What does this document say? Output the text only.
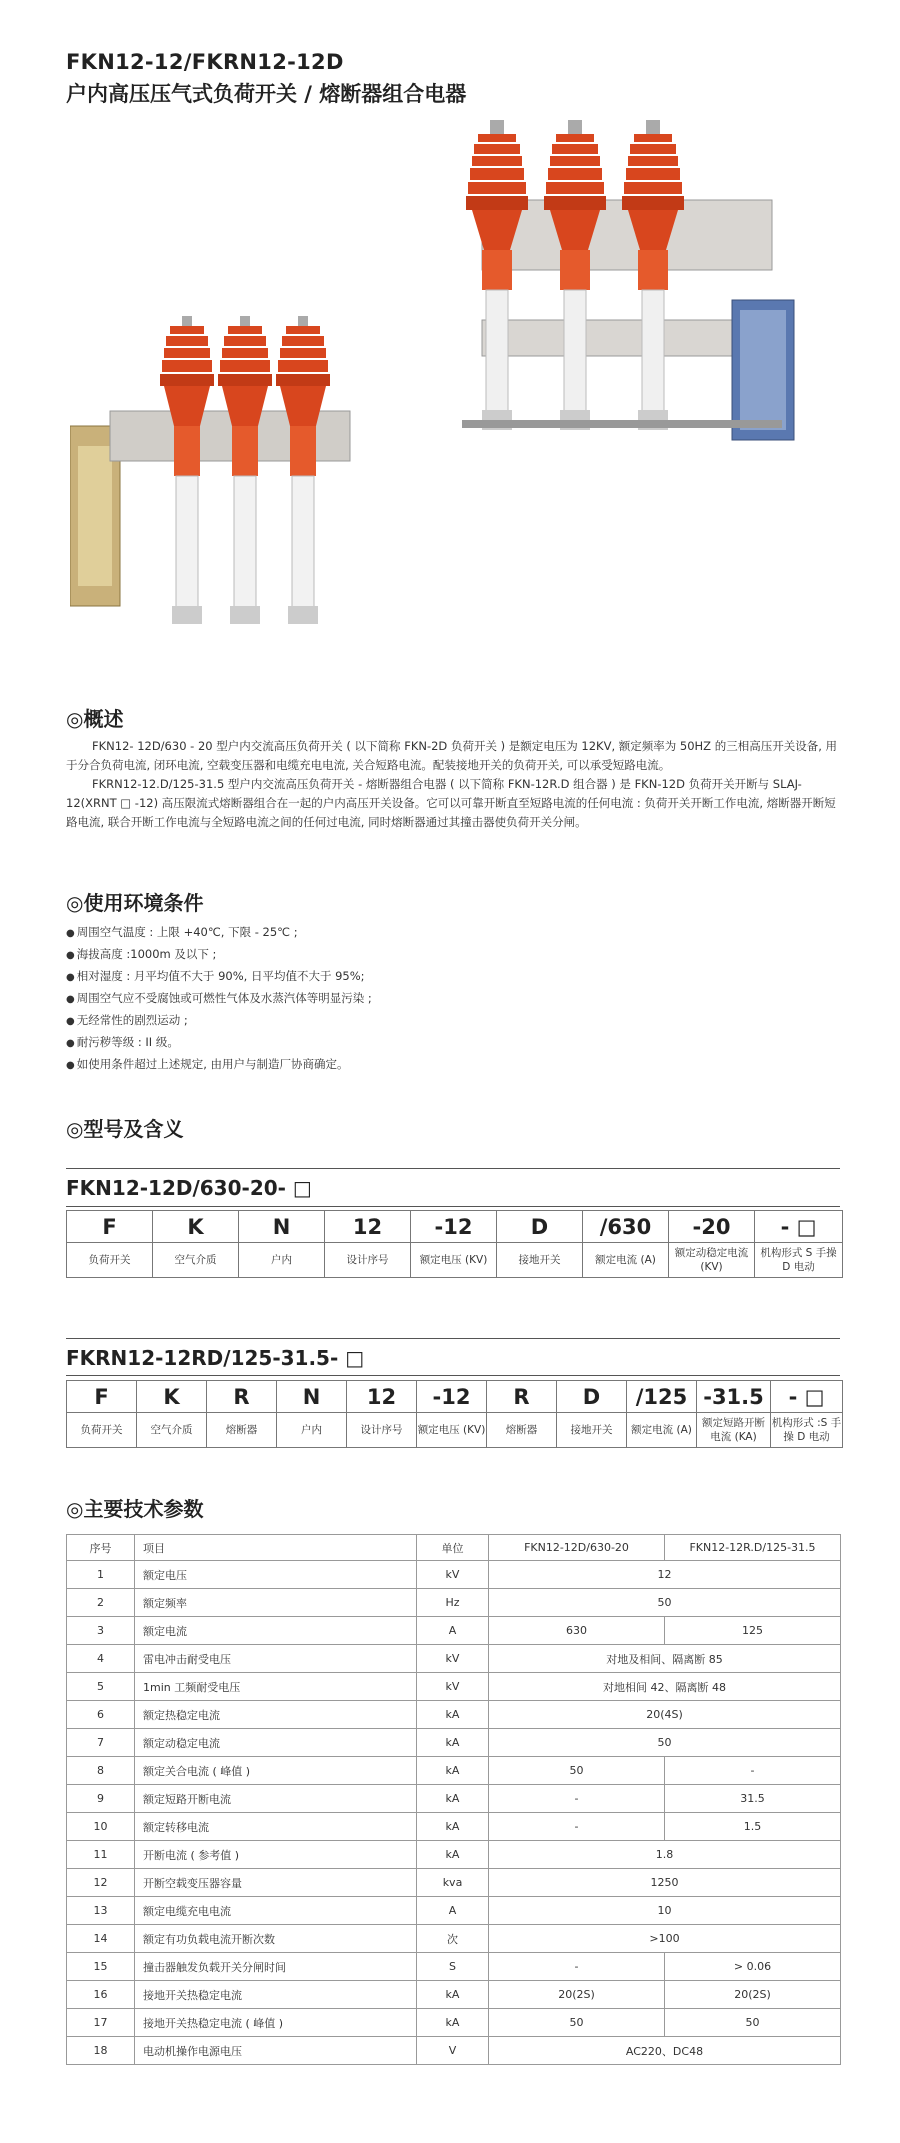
FKN12-12/FKRN12-12D
户内高压压气式负荷开关 / 熔断器组合电器
◎概述

FKN12- 12D/630 - 20 型户内交流高压负荷开关 ( 以下简称 FKN-2D 负荷开关 ) 是额定电压为 12KV, 额定频率为 50HZ 的三相高压开关设备, 用于分合负荷电流, 闭环电流, 空载变压器和电缆充电电流, 关合短路电流。配装接地开关的负荷开关, 可以承受短路电流。

FKRN12-12.D/125-31.5 型户内交流高压负荷开关 - 熔断器组合电器 ( 以下简称 FKN-12R.D 组合器 ) 是 FKN-12D 负荷开关开断与 SLAJ-12(XRNT □ -12) 高压限流式熔断器组合在一起的户内高压开关设备。它可以可靠开断直至短路电流的任何电流 : 负荷开关开断工作电流, 熔断器开断短路电流, 联合开断工作电流与全短路电流之间的任何过电流, 同时熔断器通过其撞击器使负荷开关分闸。

◎使用环境条件
● 周围空气温度 : 上限 +40℃, 下限 - 25℃ ;
● 海拔高度 :1000m 及以下 ;
● 相对湿度 : 月平均值不大于 90%, 日平均值不大于 95%;
● 周围空气应不受腐蚀或可燃性气体及水蒸汽体等明显污染 ;
● 无经常性的剧烈运动 ;
● 耐污秽等级 : II 级。
● 如使用条件超过上述规定, 由用户与制造厂协商确定。
◎型号及含义
FKN12-12D/630-20- □
F	K	N	12	-12	D	/630	-20	- □
负荷开关	空气介质	户内	设计序号	额定电压 (KV)	接地开关	额定电流 (A)	额定动稳定电流 (KV)	机构形式 S 手操 D 电动
FKRN12-12RD/125-31.5- □
F	K	R	N	12	-12	R	D	/125	-31.5	- □
负荷开关	空气介质	熔断器	户内	设计序号	额定电压 (KV)	熔断器	接地开关	额定电流 (A)	额定短路开断电流 (KA)	机构形式 :S 手操 D 电动
◎主要技术参数
序号	项目	单位	FKN12-12D/630-20	FKN12-12R.D/125-31.5
1	额定电压	kV	12	
2	额定频率	Hz	50	
3	额定电流	A	630	125
4	雷电冲击耐受电压	kV	对地及相间、隔离断 85	
5	1min 工频耐受电压	kV	对地相间 42、隔离断 48	
6	额定热稳定电流	kA	20(4S)	
7	额定动稳定电流	kA	50	
8	额定关合电流 ( 峰值 )	kA	50	-
9	额定短路开断电流	kA	-	31.5
10	额定转移电流	kA	-	1.5
11	开断电流 ( 参考值 )	kA	1.8	
12	开断空载变压器容量	kva	1250	
13	额定电缆充电电流	A	10	
14	额定有功负载电流开断次数	次	>100	
15	撞击器触发负载开关分闸时间	S	-	> 0.06
16	接地开关热稳定电流	kA	20(2S)	20(2S)
17	接地开关热稳定电流 ( 峰值 )	kA	50	50
18	电动机操作电源电压	V	AC220、DC48	
